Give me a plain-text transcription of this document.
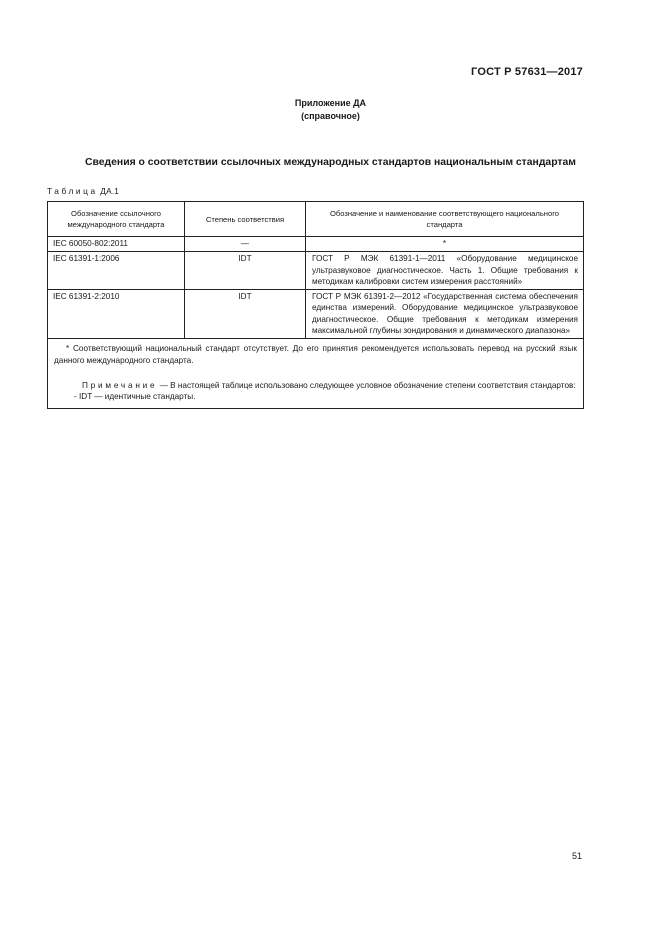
ГОСТ Р 57631—2017
Приложение ДА
(справочное)
Сведения о соответствии ссылочных международных стандартов национальным стандартам
Таблица ДА.1
Обозначение ссылочного международного стандарта	Степень соответствия	Обозначение и наименование соответствующего национального стандарта
IEC 60050-802:2011	—	*
IEC 61391-1:2006	IDT	ГОСТ Р МЭК 61391-1—2011 «Оборудование медицинское ультразвуковое диагностическое. Часть 1. Общие требования к методикам калибровки систем измерения расстояний»
IEC 61391-2:2010	IDT	ГОСТ Р МЭК 61391-2—2012 «Государственная система обеспечения единства измерений. Оборудование медицинское ультразвуковое диагностическое. Общие требования к методикам измерения максимальной глубины зондирования и динамического диапазона»

* Соответствующий национальный стандарт отсутствует. До его принятия рекомендуется использовать перевод на русский язык данного международного стандарта.

Примечание — В настоящей таблице использовано следующее условное обозначение степени соответствия стандартов:

- IDT — идентичные стандарты.		

51
